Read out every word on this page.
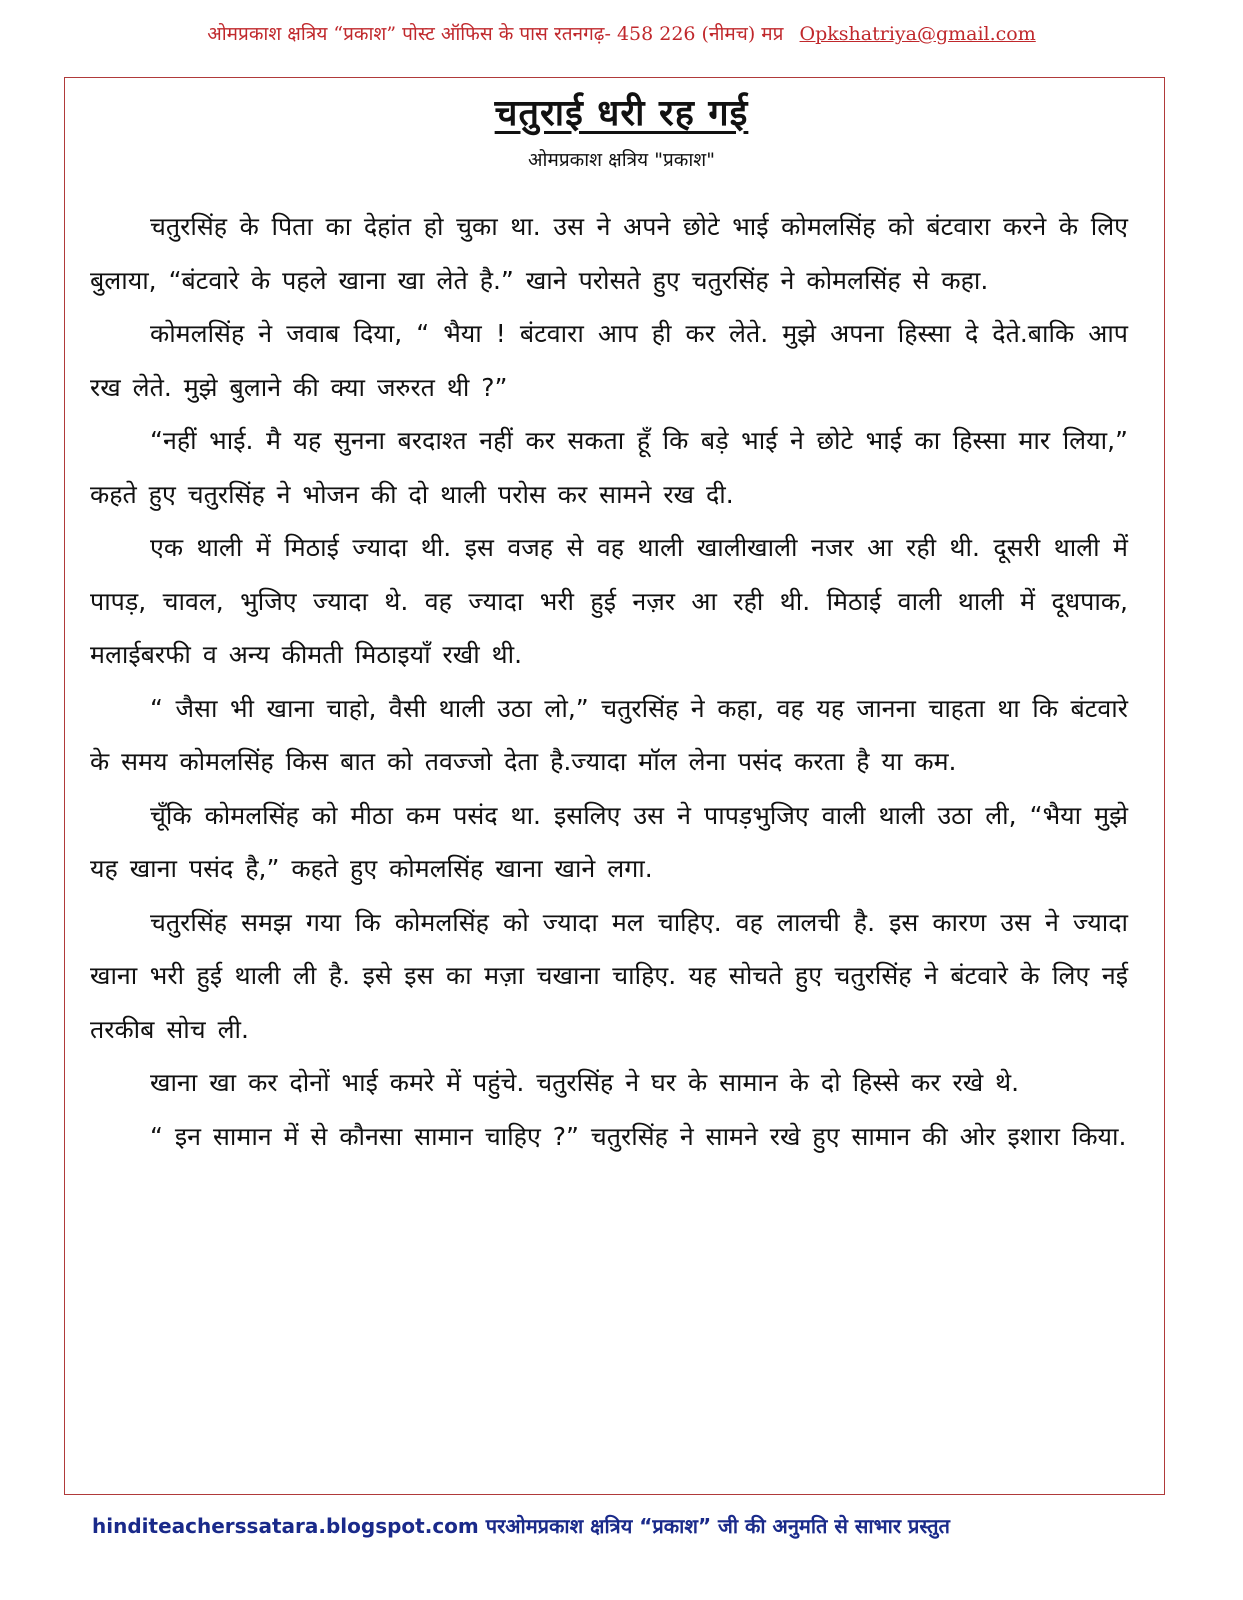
ओमप्रकाश क्षत्रिय “प्रकाश” पोस्ट ऑफिस के पास रतनगढ़- 458 226 (नीमच) मप्र Opkshatriya@gmail.com
चतुराई धरी रह गई
ओमप्रकाश क्षत्रिय "प्रकाश"

चतुरसिंह के पिता का देहांत हो चुका था. उस ने अपने छोटे भाई कोमलसिंह को बंटवारा करने के लिए बुलाया, “बंटवारे के पहले खाना खा लेते है.” खाने परोसते हुए चतुरसिंह ने कोमलसिंह से कहा.

कोमलसिंह ने जवाब दिया, “ भैया ! बंटवारा आप ही कर लेते. मुझे अपना हिस्सा दे देते.बाकि आप रख लेते. मुझे बुलाने की क्या जरुरत थी ?”

“नहीं भाई. मै यह सुनना बरदाश्त नहीं कर सकता हूँ कि बड़े भाई ने छोटे भाई का हिस्सा मार लिया,” कहते हुए चतुरसिंह ने भोजन की दो थाली परोस कर सामने रख दी.

एक थाली में मिठाई ज्यादा थी. इस वजह से वह थाली खालीखाली नजर आ रही थी. दूसरी थाली में पापड़, चावल, भुजिए ज्यादा थे. वह ज्यादा भरी हुई नज़र आ रही थी. मिठाई वाली थाली में दूधपाक, मलाईबरफी व अन्य कीमती मिठाइयाँ रखी थी.

“ जैसा भी खाना चाहो, वैसी थाली उठा लो,” चतुरसिंह ने कहा, वह यह जानना चाहता था कि बंटवारे के समय कोमलसिंह किस बात को तवज्जो देता है.ज्यादा मॉल लेना पसंद करता है या कम.

चूँकि कोमलसिंह को मीठा कम पसंद था. इसलिए उस ने पापड़भुजिए वाली थाली उठा ली, “भैया मुझे यह खाना पसंद है,” कहते हुए कोमलसिंह खाना खाने लगा.

चतुरसिंह समझ गया कि कोमलसिंह को ज्यादा मल चाहिए. वह लालची है. इस कारण उस ने ज्यादा खाना भरी हुई थाली ली है. इसे इस का मज़ा चखाना चाहिए. यह सोचते हुए चतुरसिंह ने बंटवारे के लिए नई तरकीब सोच ली.

खाना खा कर दोनों भाई कमरे में पहुंचे. चतुरसिंह ने घर के सामान के दो हिस्से कर रखे थे.

“ इन सामान में से कौनसा सामान चाहिए ?” चतुरसिंह ने सामने रखे हुए सामान की ओर इशारा किया.

hinditeacherssatara.blogspot.com परओमप्रकाश क्षत्रिय “प्रकाश” जी की अनुमति से साभार प्रस्तुत
